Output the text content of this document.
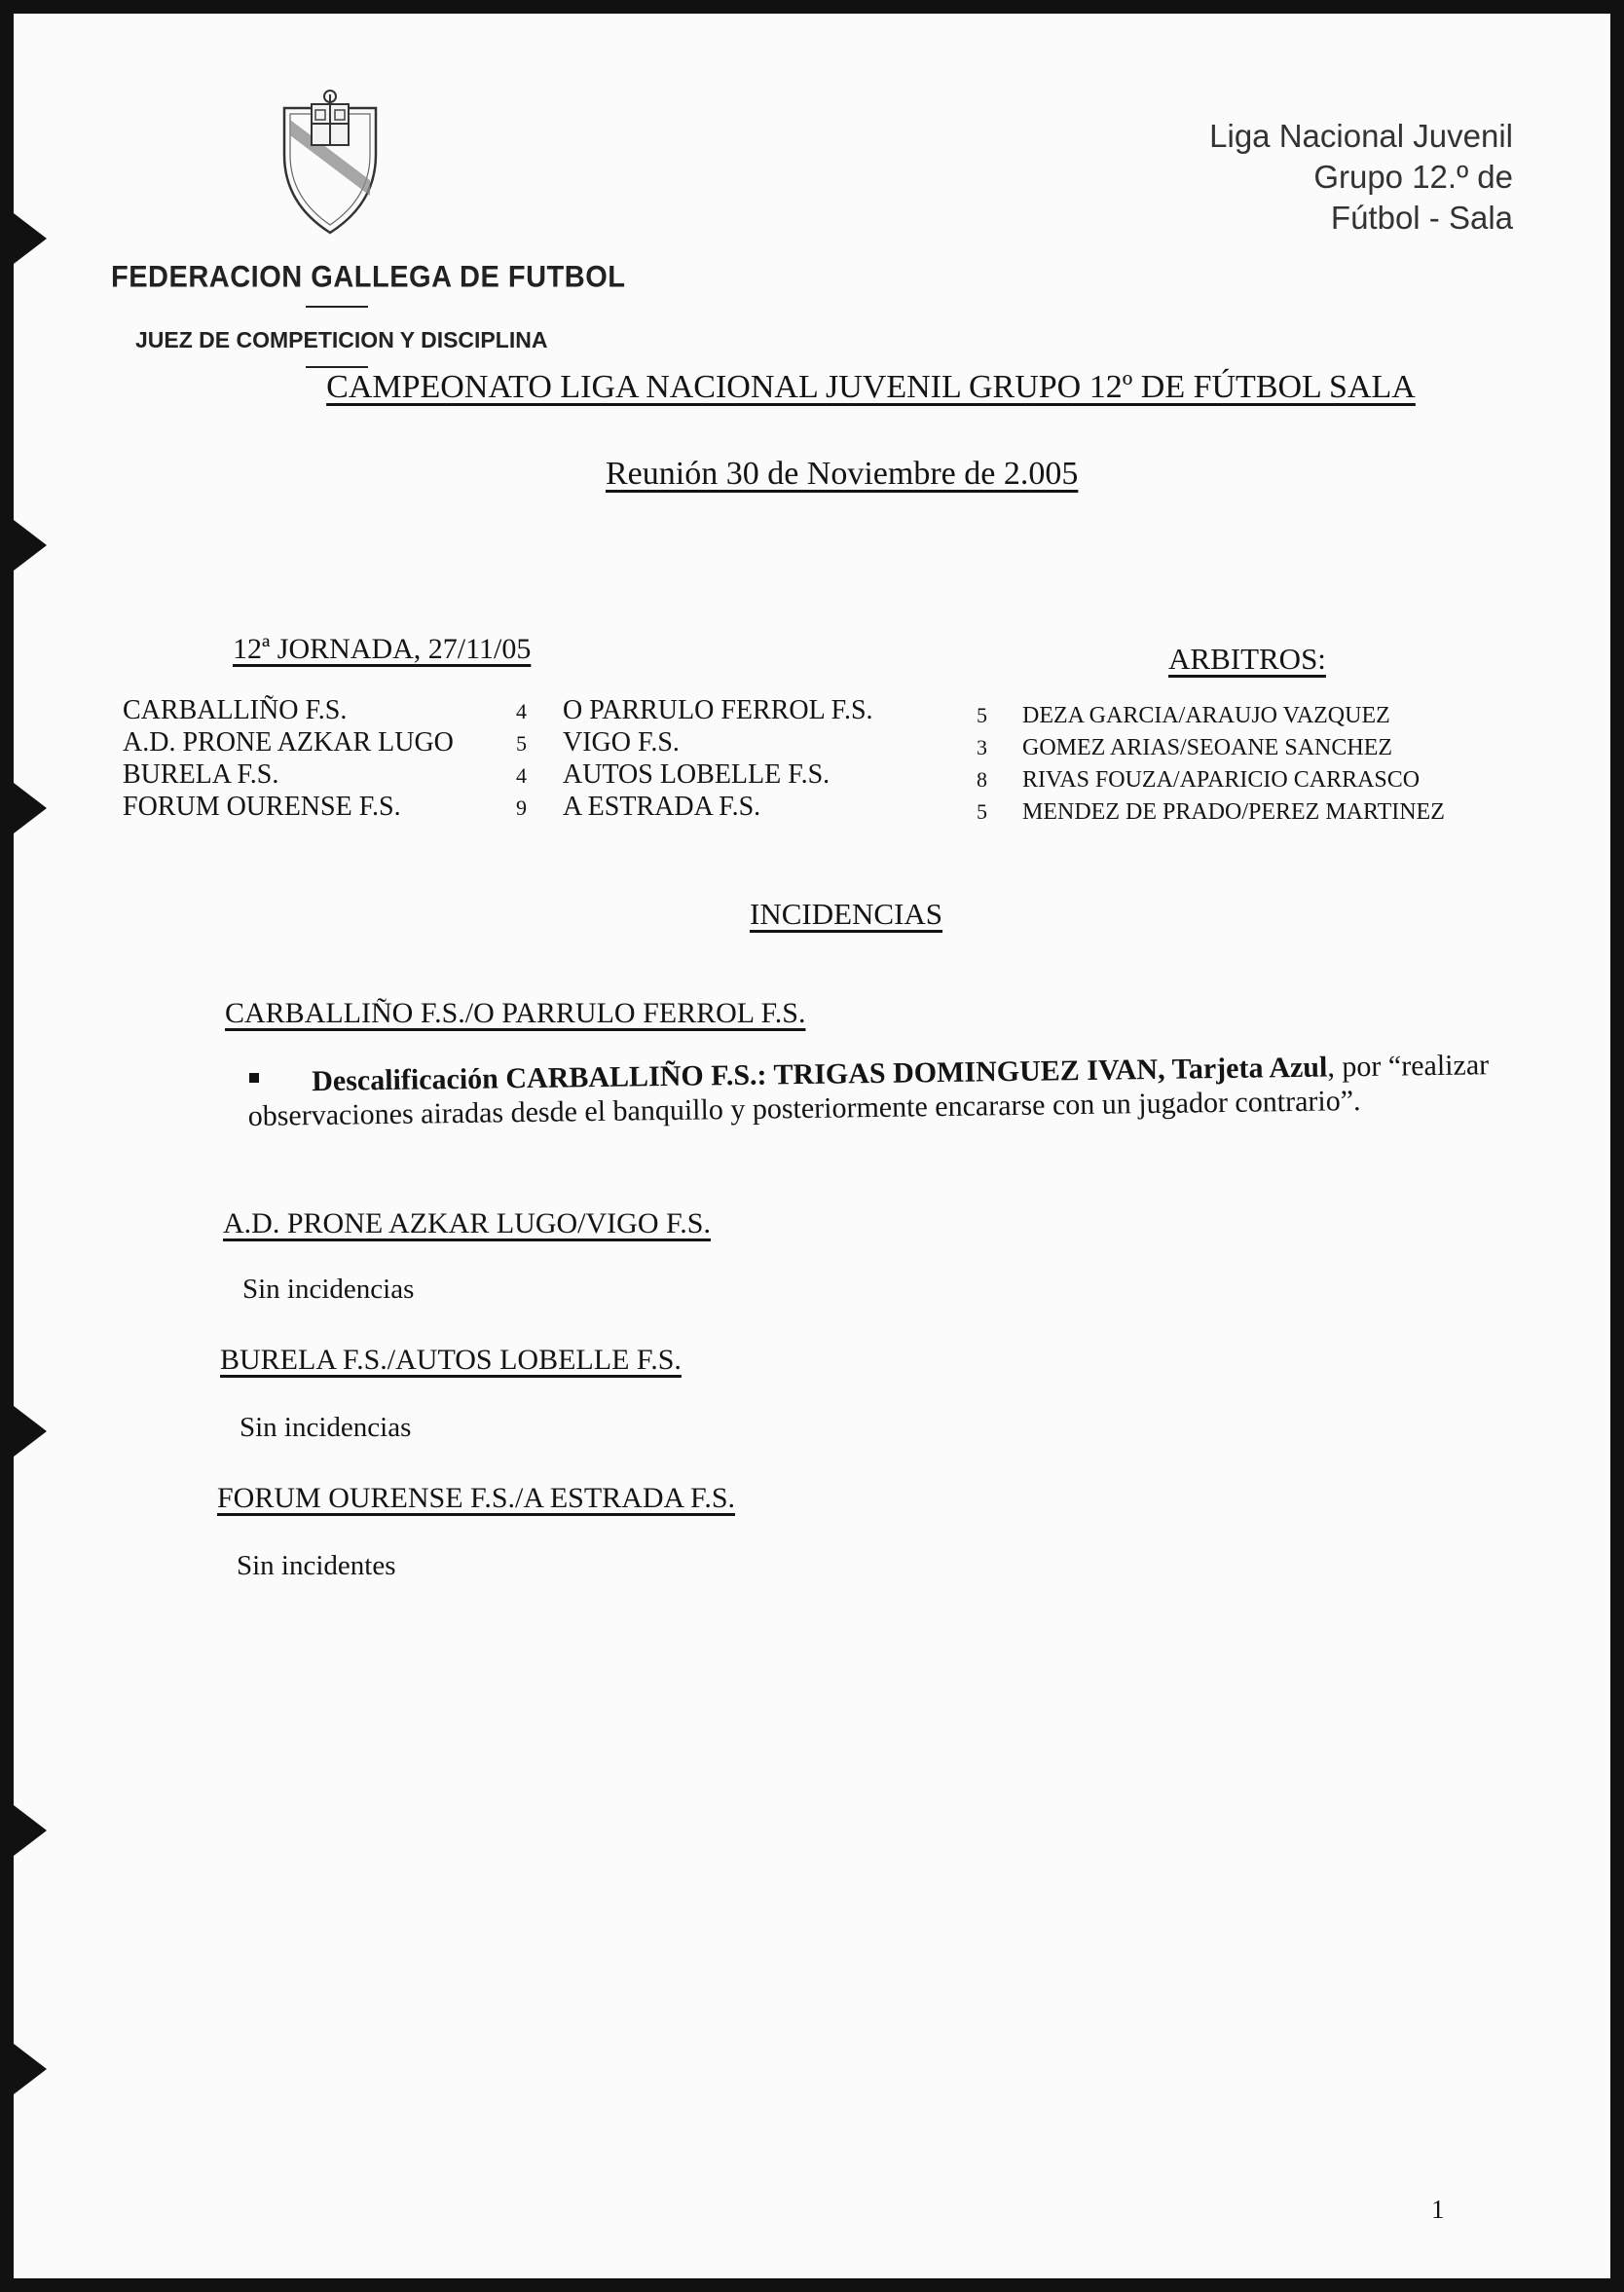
FEDERACION GALLEGA DE FUTBOL
JUEZ DE COMPETICION Y DISCIPLINA
Liga Nacional Juvenil
Grupo 12.º de
Fútbol - Sala
CAMPEONATO LIGA NACIONAL JUVENIL GRUPO 12º DE FÚTBOL SALA
Reunión 30 de Noviembre de 2.005
12ª JORNADA, 27/11/05	ARBITROS:
CARBALLIÑO F.S.	4 O PARRULO FERROL F.S.	5 DEZA GARCIA/ARAUJO VAZQUEZ
A.D. PRONE AZKAR LUGO	5 VIGO F.S.	3 GOMEZ ARIAS/SEOANE SANCHEZ
BURELA F.S.	4 AUTOS LOBELLE F.S.	8 RIVAS FOUZA/APARICIO CARRASCO
FORUM OURENSE F.S.	9 A ESTRADA F.S.	5 MENDEZ DE PRADO/PEREZ MARTINEZ
INCIDENCIAS
CARBALLIÑO F.S./O PARRULO FERROL F.S.
Descalificación CARBALLIÑO F.S.: TRIGAS DOMINGUEZ IVAN, Tarjeta Azul, por “realizar observaciones airadas desde el banquillo y posteriormente encararse con un jugador contrario”.
A.D. PRONE AZKAR LUGO/VIGO F.S.
Sin incidencias
BURELA F.S./AUTOS LOBELLE F.S.
Sin incidencias
FORUM OURENSE F.S./A ESTRADA F.S.
Sin incidentes
1
